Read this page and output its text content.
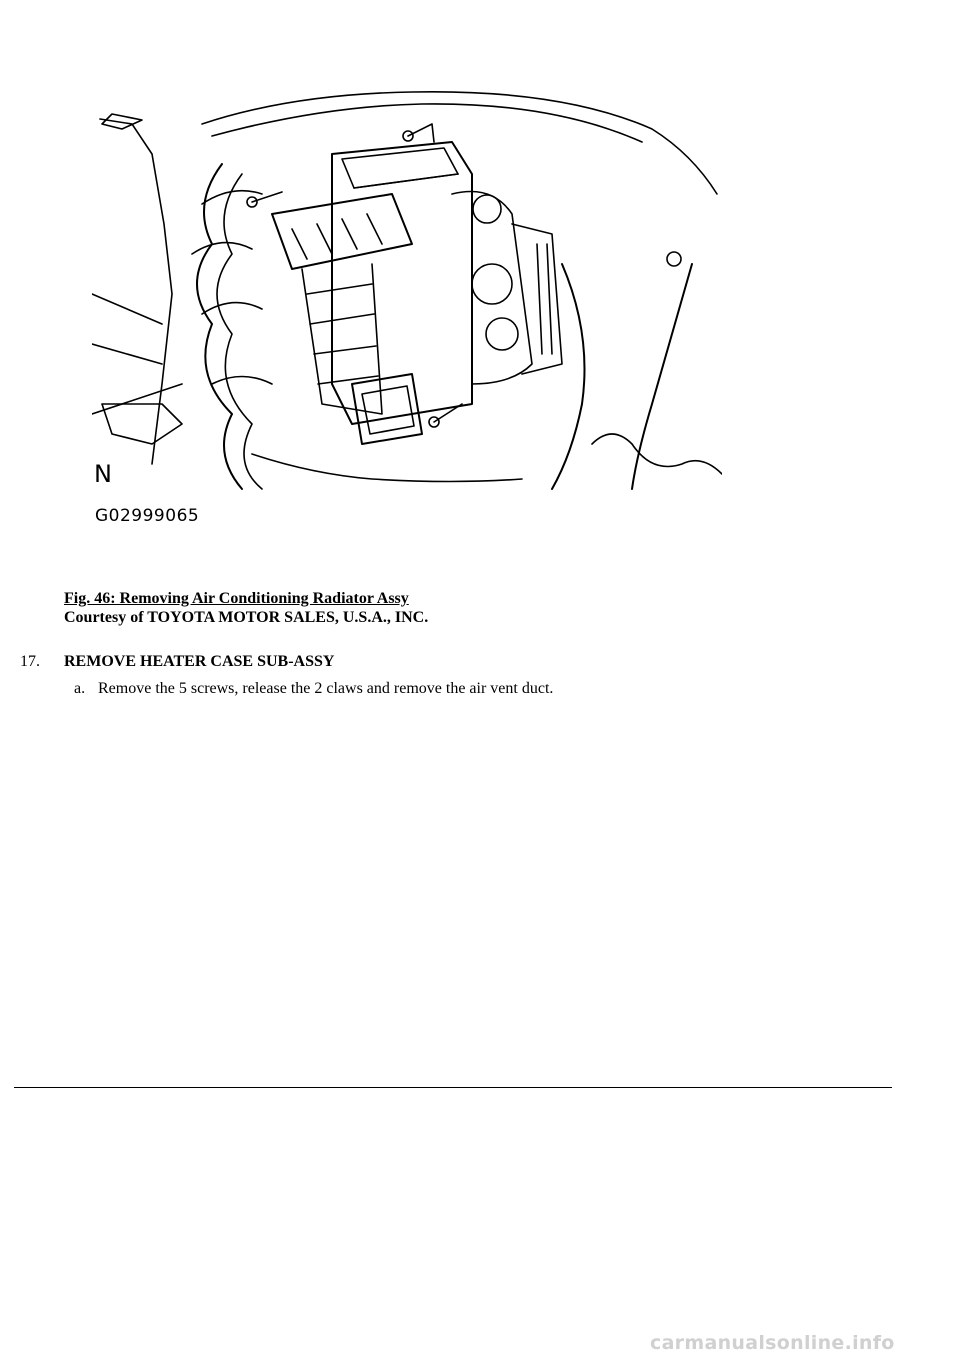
N
G02999065
Fig. 46: Removing Air Conditioning Radiator Assy
Courtesy of TOYOTA MOTOR SALES, U.S.A., INC.
17. REMOVE HEATER CASE SUB-ASSY
a. Remove the 5 screws, release the 2 claws and remove the air vent duct.
carmanualsonline.info
